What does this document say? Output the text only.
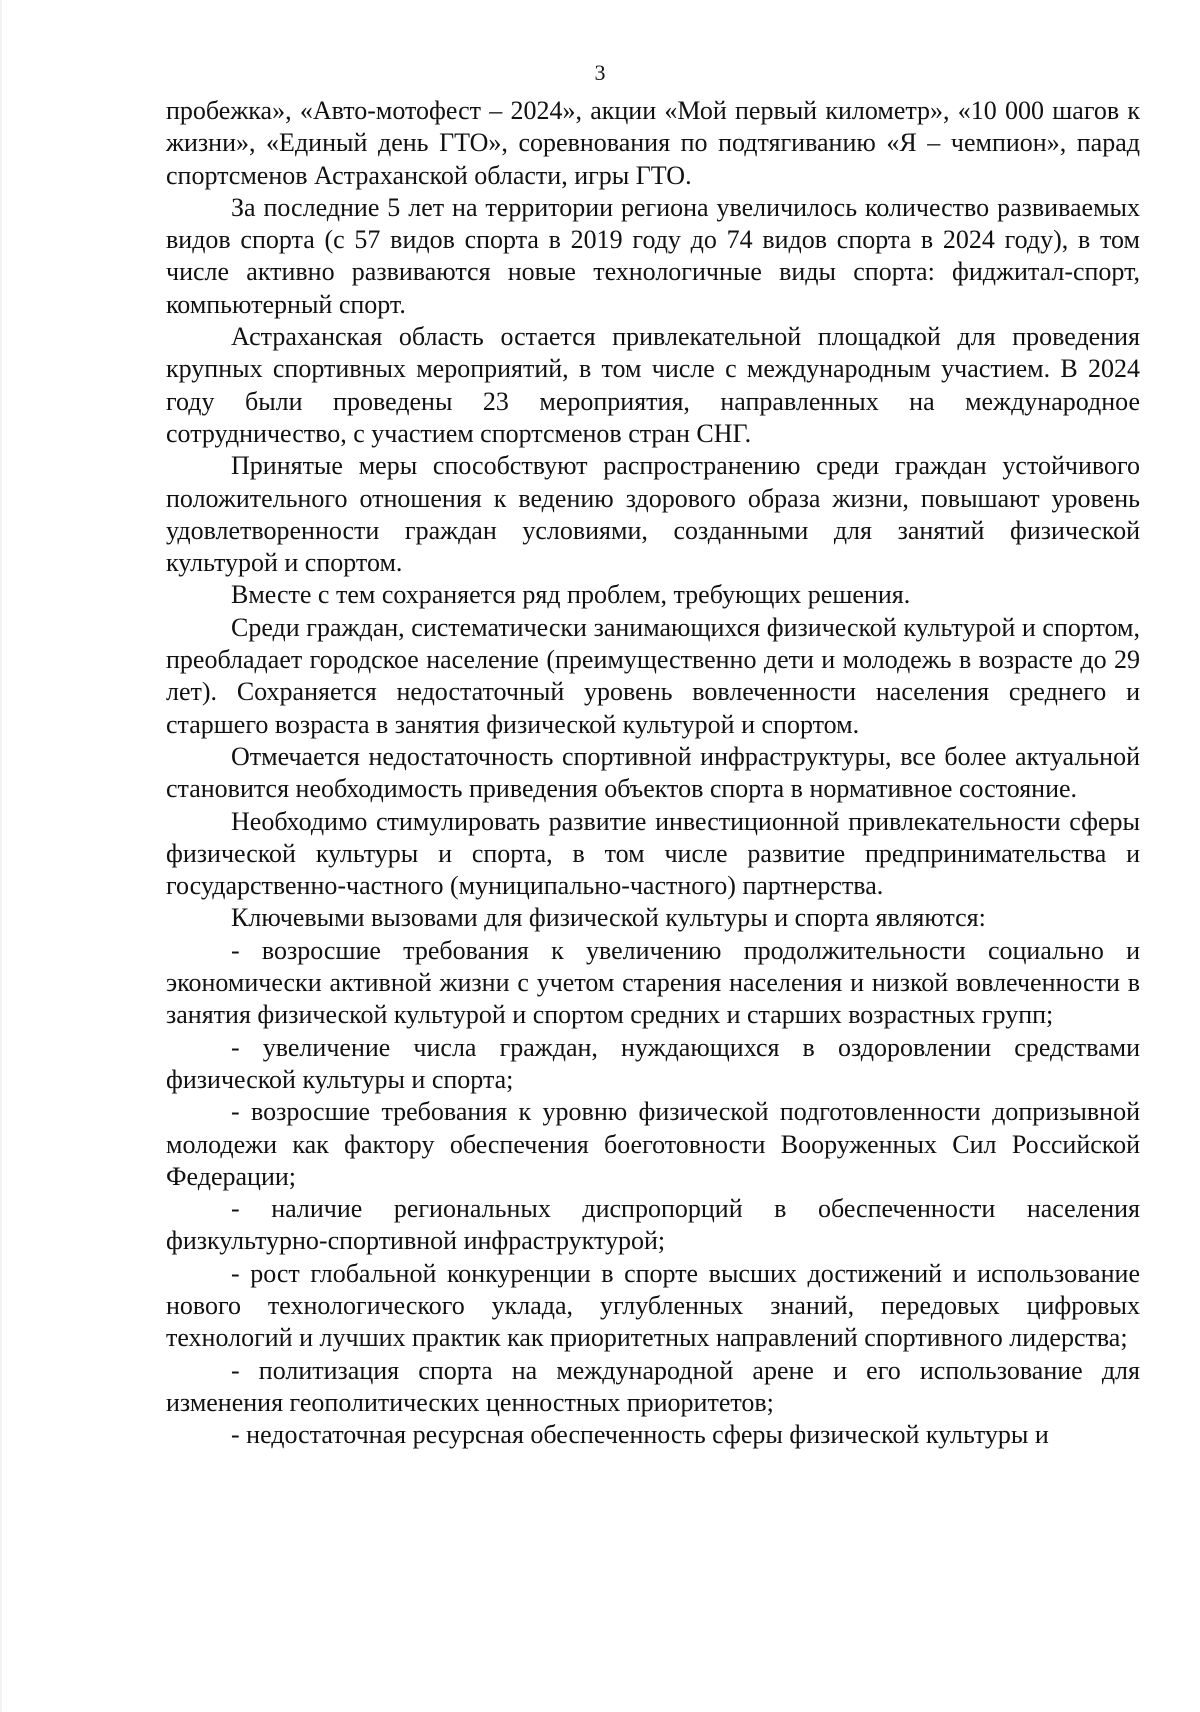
3

пробежка», «Авто-мотофест – 2024», акции «Мой первый километр», «10 000 шагов к жизни», «Единый день ГТО», соревнования по подтягиванию «Я – чемпион», парад спортсменов Астраханской области, игры ГТО.

За последние 5 лет на территории региона увеличилось количество развиваемых видов спорта (с 57 видов спорта в 2019 году до 74 видов спорта в 2024 году), в том числе активно развиваются новые технологичные виды спорта: фиджитал-спорт, компьютерный спорт.

Астраханская область остается привлекательной площадкой для проведения крупных спортивных мероприятий, в том числе с международным участием. В 2024 году были проведены 23 мероприятия, направленных на международное сотрудничество, с участием спортсменов стран СНГ.

Принятые меры способствуют распространению среди граждан устойчивого положительного отношения к ведению здорового образа жизни, повышают уровень удовлетворенности граждан условиями, созданными для занятий физической культурой и спортом.

Вместе с тем сохраняется ряд проблем, требующих решения.

Среди граждан, систематически занимающихся физической культурой и спортом, преобладает городское население (преимущественно дети и молодежь в возрасте до 29 лет). Сохраняется недостаточный уровень вовлеченности населения среднего и старшего возраста в занятия физической культурой и спортом.

Отмечается недостаточность спортивной инфраструктуры, все более актуальной становится необходимость приведения объектов спорта в нормативное состояние.

Необходимо стимулировать развитие инвестиционной привлекательности сферы физической культуры и спорта, в том числе развитие предпринимательства и государственно-частного (муниципально-частного) партнерства.

Ключевыми вызовами для физической культуры и спорта являются:

- возросшие требования к увеличению продолжительности социально и экономически активной жизни с учетом старения населения и низкой вовлеченности в занятия физической культурой и спортом средних и старших возрастных групп;

- увеличение числа граждан, нуждающихся в оздоровлении средствами физической культуры и спорта;

- возросшие требования к уровню физической подготовленности допризывной молодежи как фактору обеспечения боеготовности Вооруженных Сил Российской Федерации;

- наличие региональных диспропорций в обеспеченности населения физкультурно-спортивной инфраструктурой;

- рост глобальной конкуренции в спорте высших достижений и использование нового технологического уклада, углубленных знаний, передовых цифровых технологий и лучших практик как приоритетных направлений спортивного лидерства;

- политизация спорта на международной арене и его использование для изменения геополитических ценностных приоритетов;

- недостаточная ресурсная обеспеченность сферы физической культуры и
